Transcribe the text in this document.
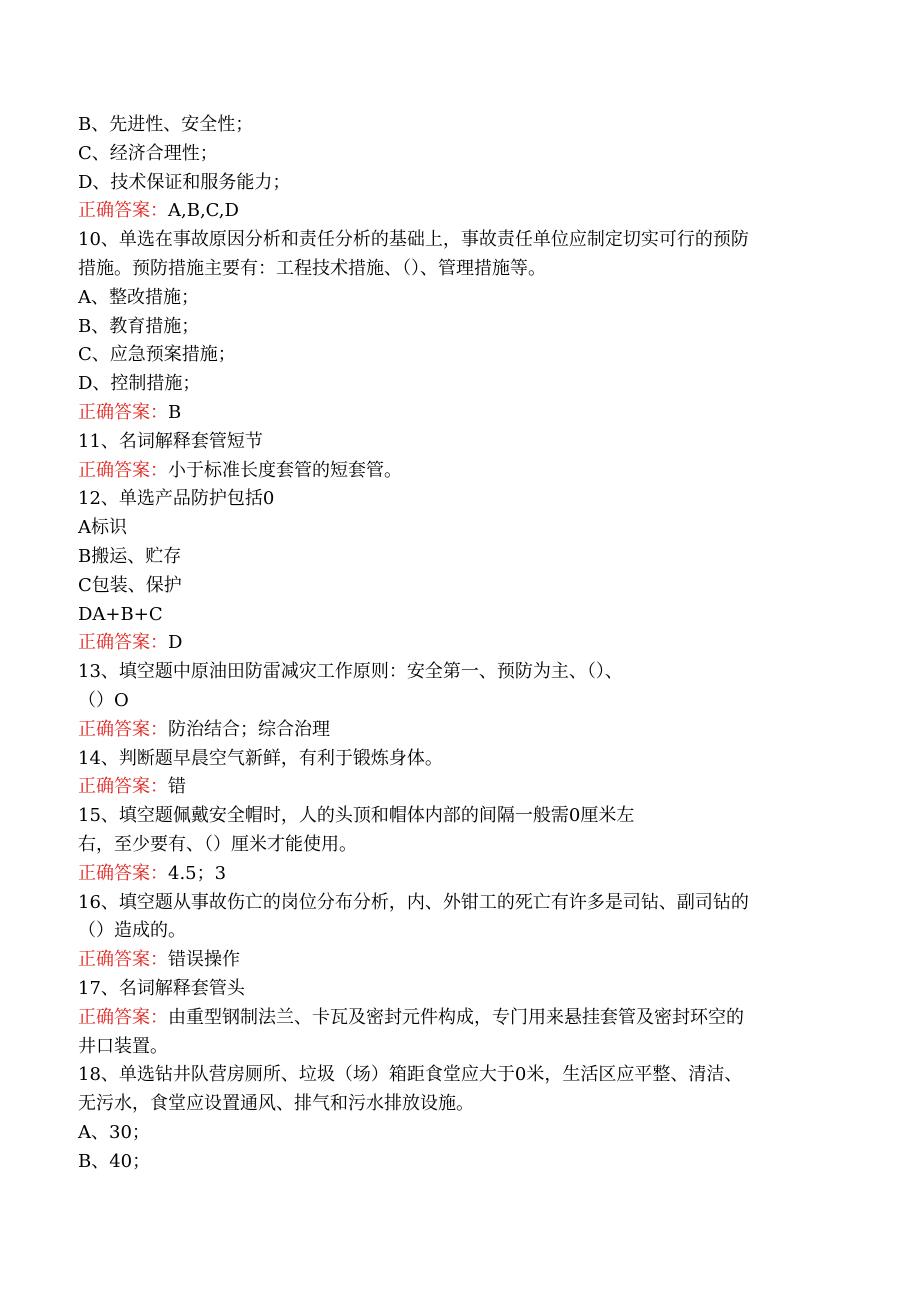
B、先进性、安全性；
C、经济合理性；
D、技术保证和服务能力；
正确答案：A,B,C,D
10、单选在事故原因分析和责任分析的基础上，事故责任单位应制定切实可行的预防
措施。预防措施主要有：工程技术措施、（）、管理措施等。
A、整改措施；
B、教育措施；
C、应急预案措施；
D、控制措施；
正确答案：B
11、名词解释套管短节
正确答案：小于标准长度套管的短套管。
12、单选产品防护包括0
A标识
B搬运、贮存
C包装、保护
DA+B+C
正确答案：D
13、填空题中原油田防雷减灾工作原则：安全第一、预防为主、（）、
（）O
正确答案：防治结合；综合治理
14、判断题早晨空气新鲜，有利于锻炼身体。
正确答案：错
15、填空题佩戴安全帽时，人的头顶和帽体内部的间隔一般需0厘米左
右，至少要有、（）厘米才能使用。
正确答案：4.5；3
16、填空题从事故伤亡的岗位分布分析，内、外钳工的死亡有许多是司钻、副司钻的
（）造成的。
正确答案：错误操作
17、名词解释套管头
正确答案：由重型钢制法兰、卡瓦及密封元件构成，专门用来悬挂套管及密封环空的
井口装置。
18、单选钻井队营房厕所、垃圾（场）箱距食堂应大于0米，生活区应平整、清洁、
无污水，食堂应设置通风、排气和污水排放设施。
A、30；
B、40；
